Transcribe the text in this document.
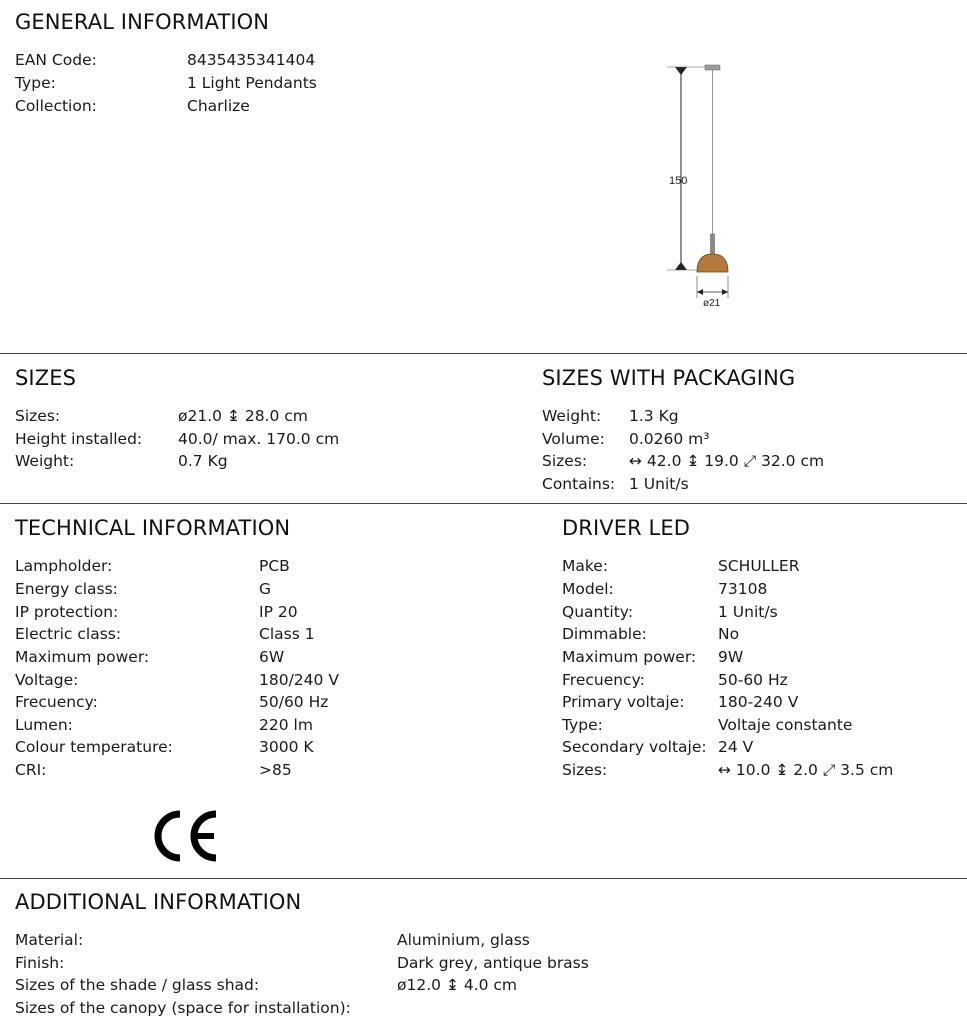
GENERAL INFORMATION
EAN Code:	8435435341404
Type:	1 Light Pendants
Collection:	Charlize
150
ø21
SIZES
Sizes:	ø21.0 ↨ 28.0 cm
Height installed: 40.0/ max. 170.0 cm
Weight:	0.7 Kg
SIZES WITH PACKAGING
Weight: 1.3 Kg
Volume: 0.0260 m³
Sizes:	↔ 42.0 ↨ 19.0 ⤢ 32.0 cm
Contains: 1 Unit/s
TECHNICAL INFORMATION
Lampholder:	PCB
Energy class:	G
IP protection:	IP 20
Electric class:	Class 1
Maximum power:	6W
Voltage:	180/240 V
Frecuency:	50/60 Hz
Lumen:	220 lm
Colour temperature:	3000 K
CRI:	>85
DRIVER LED
Make:	SCHULLER
Model:	73108
Quantity:	1 Unit/s
Dimmable:	No
Maximum power: 9W
Frecuency:	50-60 Hz
Primary voltaje: 180-240 V
Type:	Voltaje constante
Secondary voltaje: 24 V
Sizes:	↔ 10.0 ↨ 2.0 ⤢ 3.5 cm
ADDITIONAL INFORMATION
Material:	Aluminium, glass
Finish:	Dark grey, antique brass
Sizes of the shade / glass shad:	ø12.0 ↨ 4.0 cm
Sizes of the canopy (space for installation):
